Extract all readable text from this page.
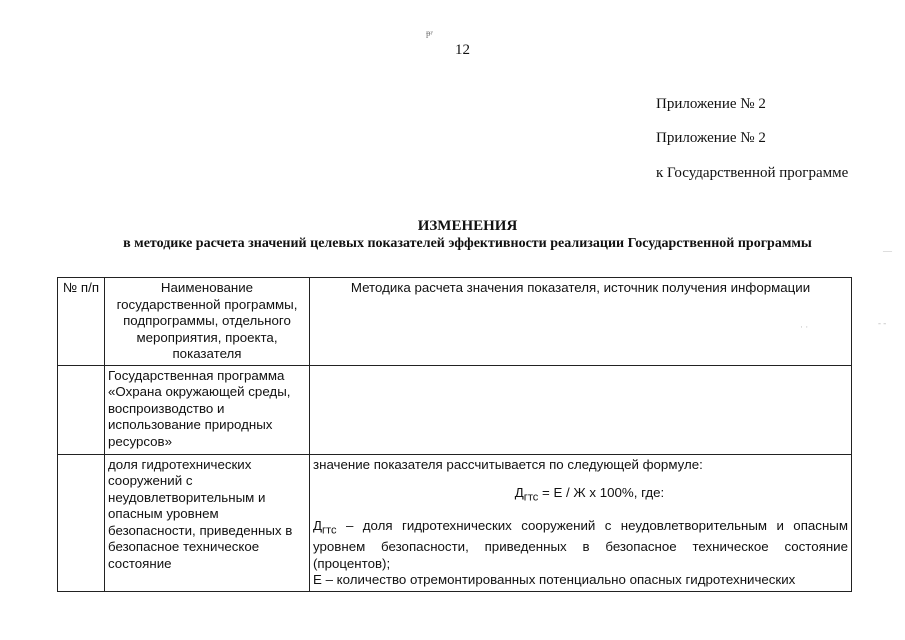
ᵽᵞ
12
Приложение № 2
Приложение № 2
к Государственной программе
ИЗМЕНЕНИЯ
в методике расчета значений целевых показателей эффективности реализации Государственной программы
№ п/п	Наименование государственной программы, подпрограммы, отдельного мероприятия, проекта, показателя	Методика расчета значения показателя, источник получения информации
	Государственная программа «Охрана окружающей среды, воспроизводство и использование природных ресурсов»	
	доля гидротехнических сооружений с неудовлетворительным и опасным уровнем безопасности, приведенных в безопасное техническое состояние	значение показателя рассчитывается по следующей формуле:
$Д_{гтс} = Е / Ж$ х 100%, где:
$Д_{гтс}$ – доля гидротехнических сооружений с неудовлетворительным и опасным уровнем безопасности, приведенных в безопасное техническое состояние (процентов);
Е – количество отремонтированных потенциально опасных гидротехнических
—
- -
· ·
